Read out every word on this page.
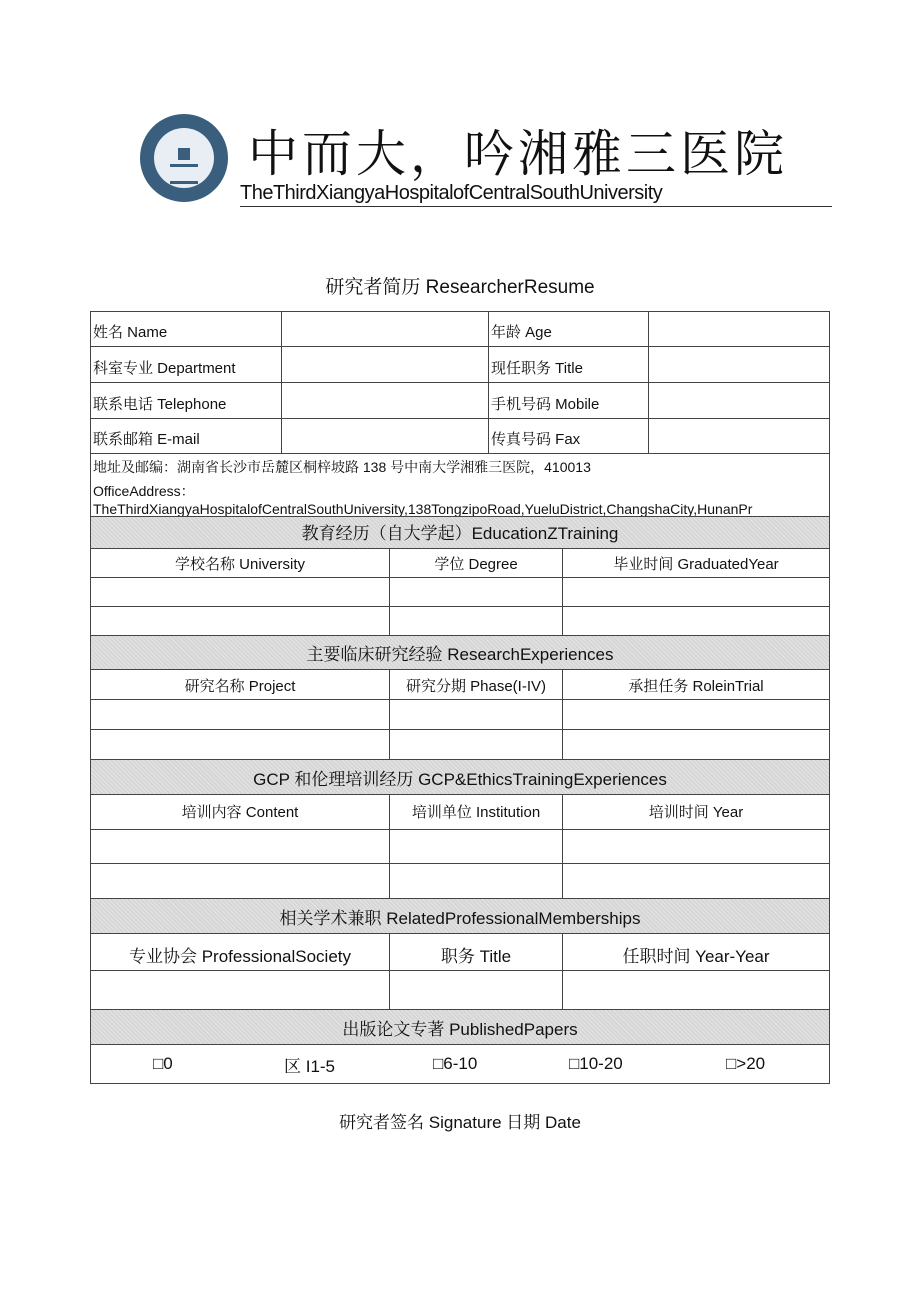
中而大，吟湘雅三医院
TheThirdXiangyaHospitalofCentralSouthUniversity
研究者简历 ResearcherResume
姓名 Name	年龄 Age
科室专业 Department	现任职务 Title
联系电话 Telephone	手机号码 Mobile
联系邮箱 E-mail	传真号码 Fax
地址及邮编：湖南省长沙市岳麓区桐梓坡路 138 号中南大学湘雅三医院，410013
OfficeAddress：
TheThirdXiangyaHospitalofCentralSouthUniversity,138TongzipoRoad,YueluDistrict,ChangshaCity,HunanPr
教育经历（自大学起）EducationZTraining
学校名称 University	学位 Degree	毕业时间 GraduatedYear
主要临床研究经验 ResearchExperiences
研究名称 Project	研究分期 Phase(I-IV)	承担任务 RoleinTrial
GCP 和伦理培训经历 GCP&EthicsTrainingExperiences
培训内容 Content	培训单位 Institution	培训时间 Year
相关学术兼职 RelatedProfessionalMemberships
专业协会 ProfessionalSociety	职务 Title	任职时间 Year-Year
出版论文专著 PublishedPapers
□0	区 I1-5	□6-10	□10-20	□>20
研究者签名 Signature 日期 Date
